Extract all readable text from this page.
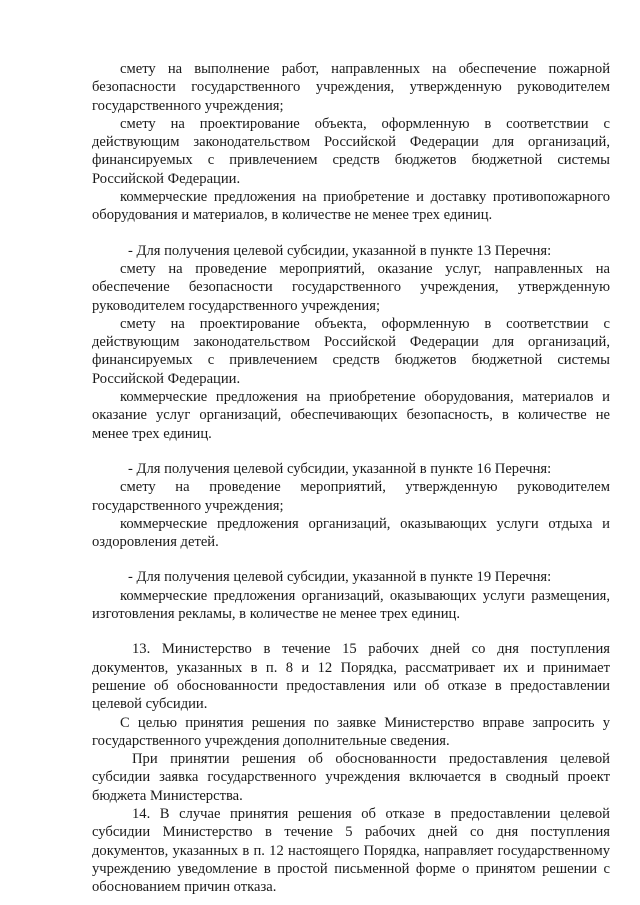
смету на выполнение работ, направленных на обеспечение пожарной безопасности государственного учреждения, утвержденную руководителем государственного учреждения;

смету на проектирование объекта, оформленную в соответствии с действующим законодательством Российской Федерации для организаций, финансируемых с привлечением средств бюджетов бюджетной системы Российской Федерации.

коммерческие предложения на приобретение и доставку противопожарного оборудования и материалов, в количестве не менее трех единиц.

- Для получения целевой субсидии, указанной в пункте 13 Перечня:

смету на проведение мероприятий, оказание услуг, направленных на обеспечение безопасности государственного учреждения, утвержденную руководителем государственного учреждения;

смету на проектирование объекта, оформленную в соответствии с действующим законодательством Российской Федерации для организаций, финансируемых с привлечением средств бюджетов бюджетной системы Российской Федерации.

коммерческие предложения на приобретение оборудования, материалов и оказание услуг организаций, обеспечивающих безопасность, в количестве не менее трех единиц.

- Для получения целевой субсидии, указанной в пункте 16 Перечня:

смету на проведение мероприятий, утвержденную руководителем государственного учреждения;

коммерческие предложения организаций, оказывающих услуги отдыха и оздоровления детей.

- Для получения целевой субсидии, указанной в пункте 19 Перечня:

коммерческие предложения организаций, оказывающих услуги размещения, изготовления рекламы, в количестве не менее трех единиц.

13. Министерство в течение 15 рабочих дней со дня поступления документов, указанных в п. 8 и 12 Порядка, рассматривает их и принимает решение об обоснованности предоставления или об отказе в предоставлении целевой субсидии.

С целью принятия решения по заявке Министерство вправе запросить у государственного учреждения дополнительные сведения.

При принятии решения об обоснованности предоставления целевой субсидии заявка государственного учреждения включается в сводный проект бюджета Министерства.

14. В случае принятия решения об отказе в предоставлении целевой субсидии Министерство в течение 5 рабочих дней со дня поступления документов, указанных в п. 12 настоящего Порядка, направляет государственному учреждению уведомление в простой письменной форме о принятом решении с обоснованием причин отказа.
